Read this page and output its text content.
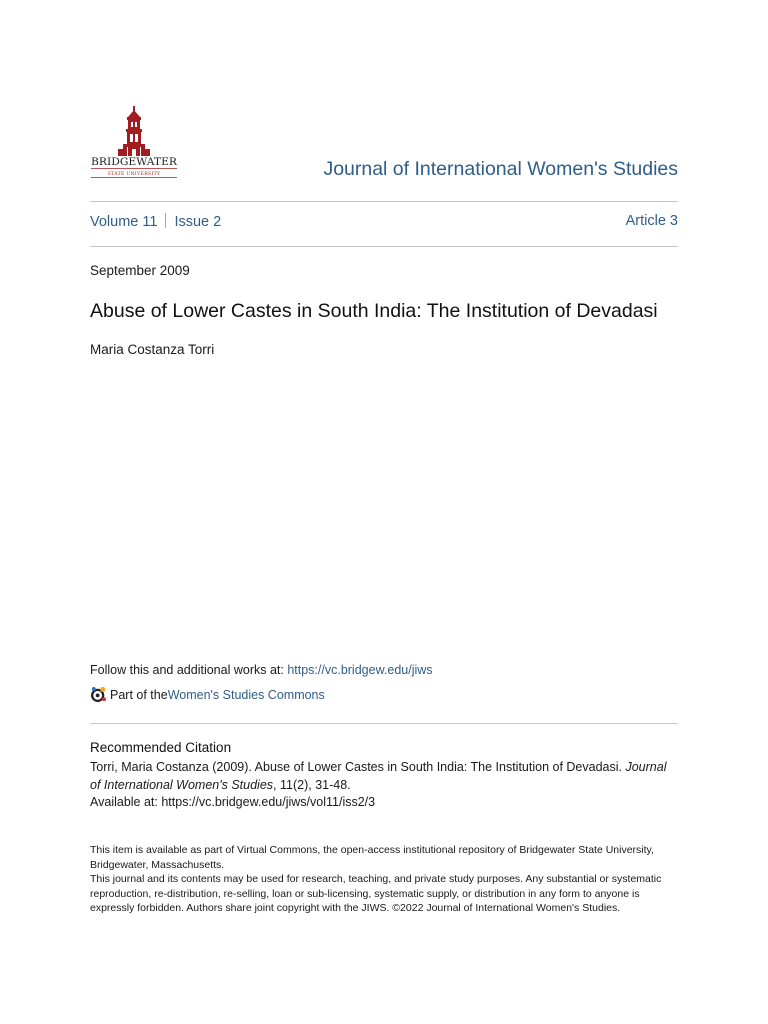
BRIDGEWATER
STATE UNIVERSITY	Journal of International Women's Studies
Volume 11 Issue 2	Article 3
September 2009
Abuse of Lower Castes in South India: The Institution of Devadasi
Maria Costanza Torri
Follow this and additional works at: https://vc.bridgew.edu/jiws
Part of the Women's Studies Commons
Recommended Citation

Torri, Maria Costanza (2009). Abuse of Lower Castes in South India: The Institution of Devadasi. Journal of International Women's Studies, 11(2), 31-48.

Available at: https://vc.bridgew.edu/jiws/vol11/iss2/3

This item is available as part of Virtual Commons, the open-access institutional repository of Bridgewater State University, Bridgewater, Massachusetts.

This journal and its contents may be used for research, teaching, and private study purposes. Any substantial or systematic reproduction, re-distribution, re-selling, loan or sub-licensing, systematic supply, or distribution in any form to anyone is expressly forbidden. Authors share joint copyright with the JIWS. ©2022 Journal of International Women's Studies.
